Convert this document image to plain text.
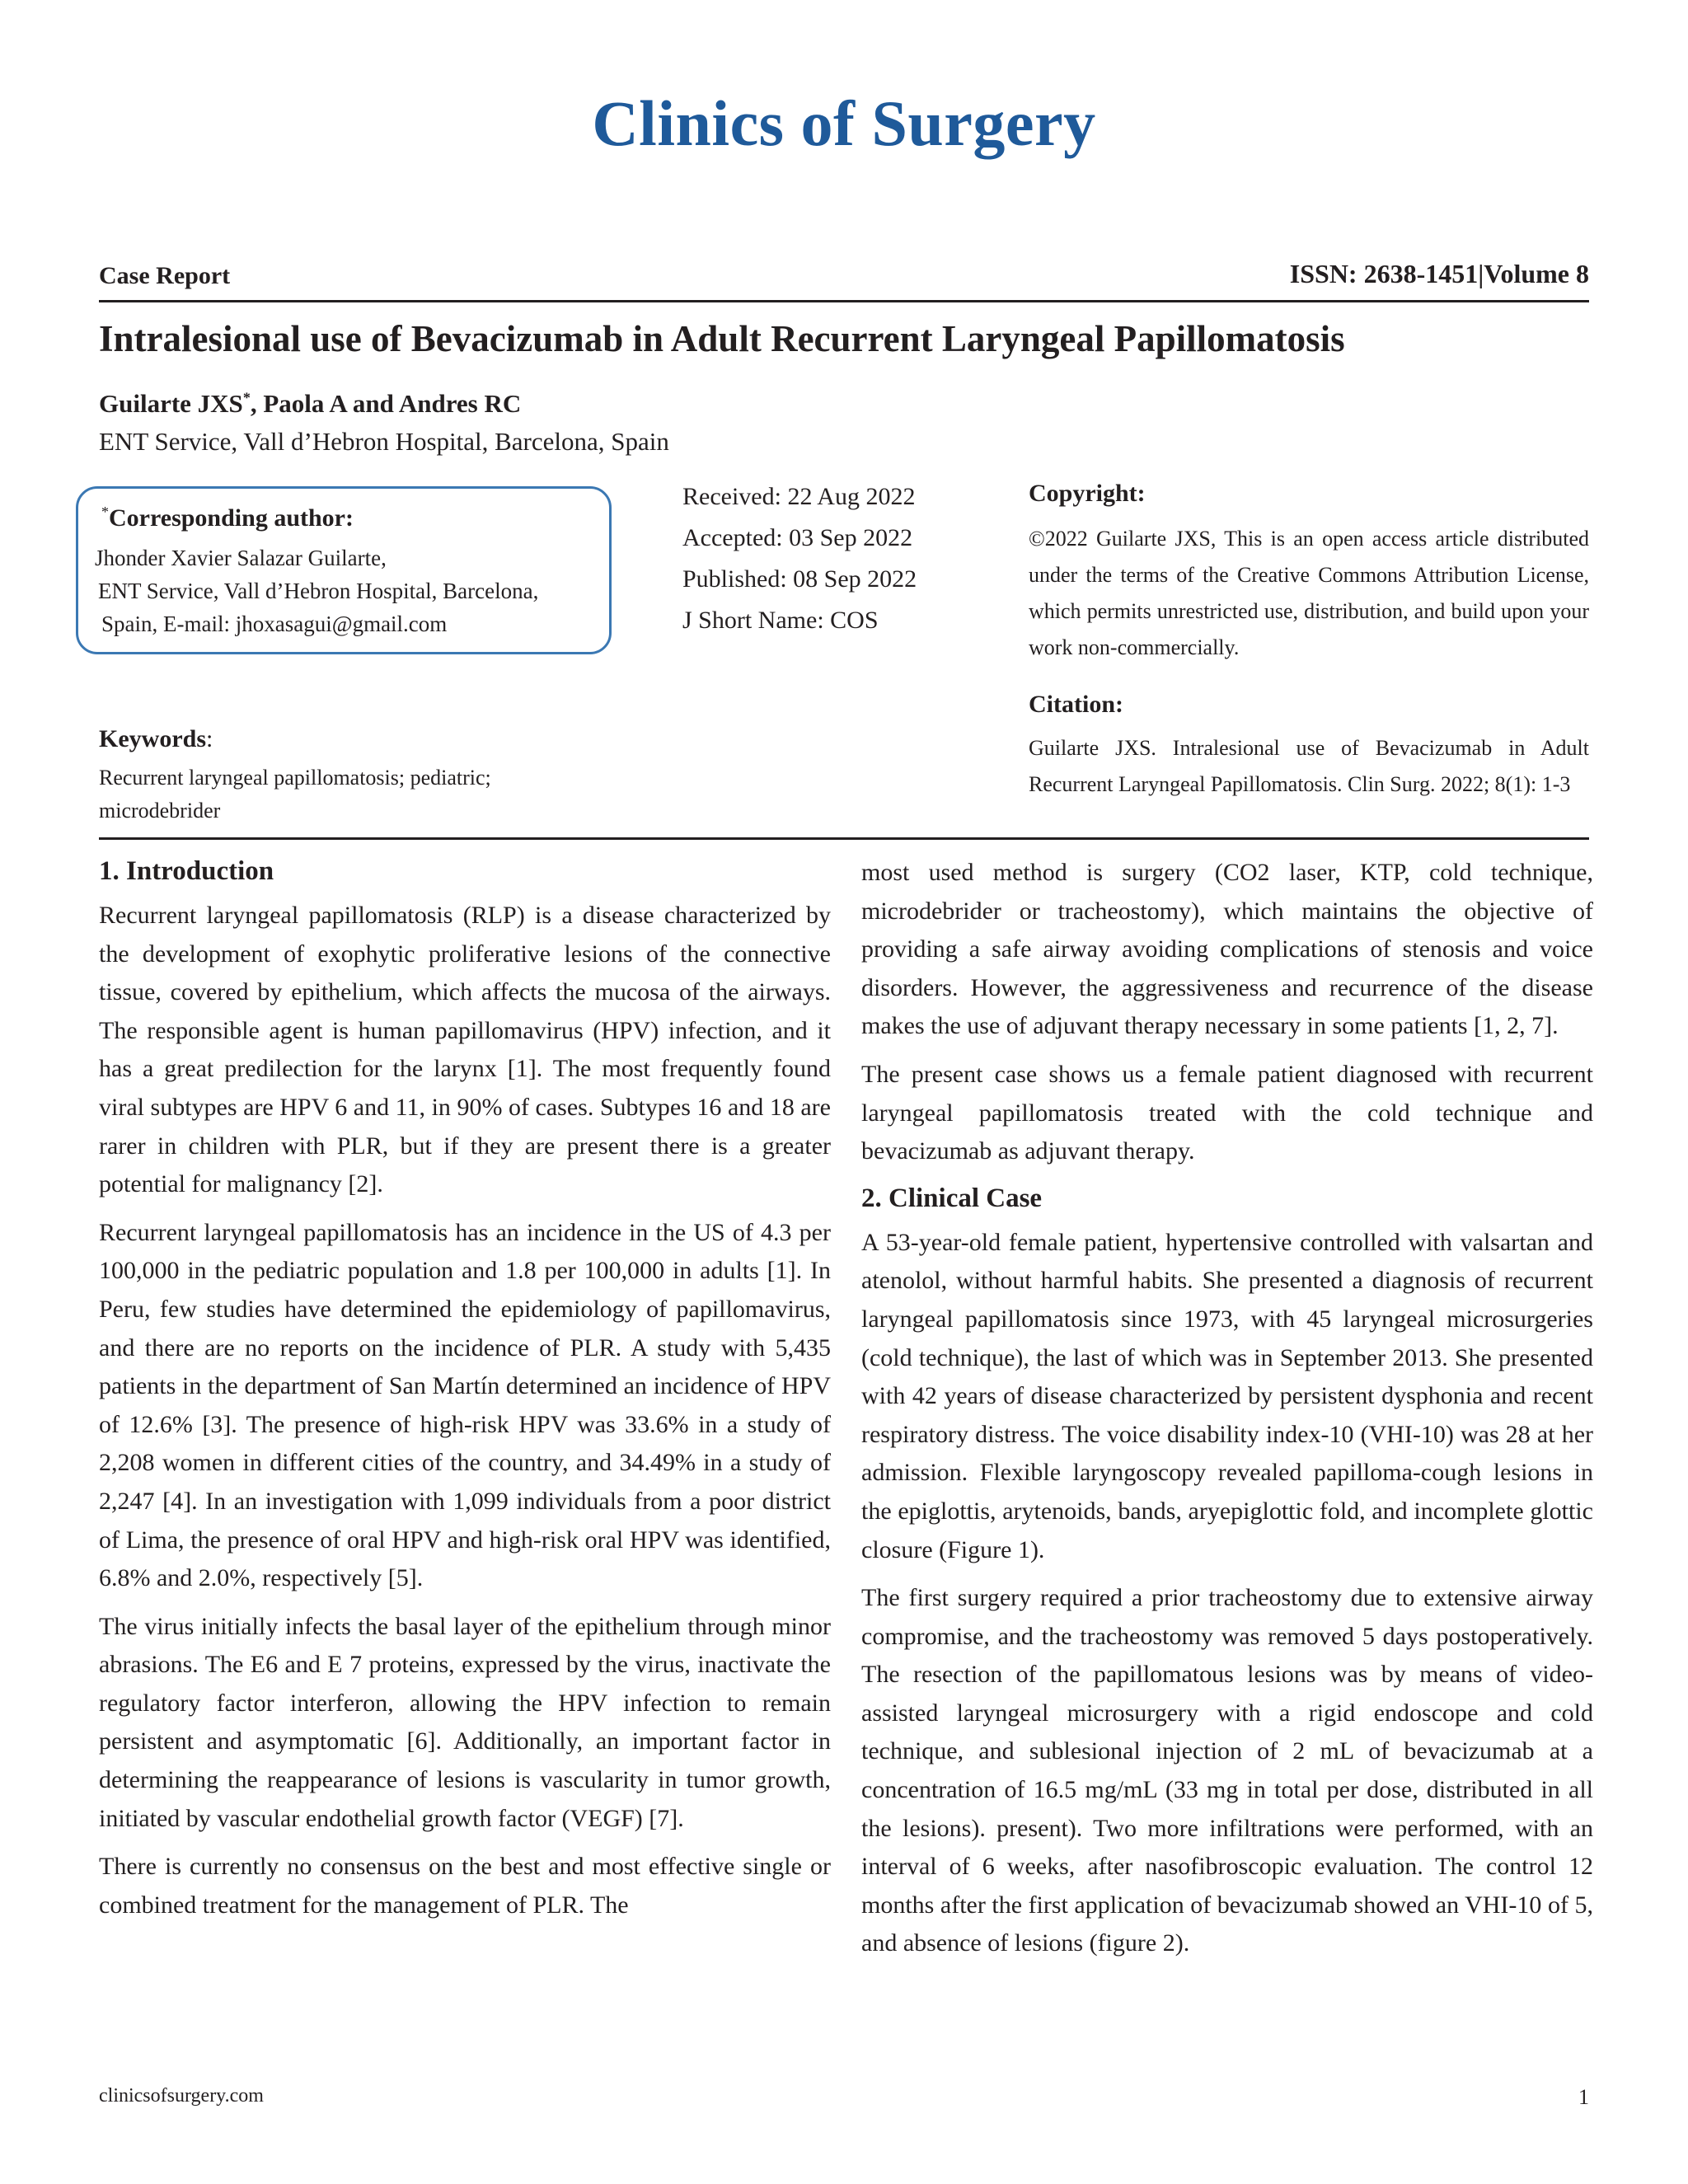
Clinics of Surgery
Case Report	ISSN: 2638-1451|Volume 8
Intralesional use of Bevacizumab in Adult Recurrent Laryngeal Papillomatosis
Guilarte JXS*, Paola A and Andres RC
ENT Service, Vall d’Hebron Hospital, Barcelona, Spain
*Corresponding author:
Jhonder Xavier Salazar Guilarte,
ENT Service, Vall d’Hebron Hospital, Barcelona,
Spain, E-mail: jhoxasagui@gmail.com
Received: 22 Aug 2022
Accepted: 03 Sep 2022
Published: 08 Sep 2022
J Short Name: COS
Copyright:
©2022 Guilarte JXS, This is an open access article distributed under the terms of the Creative Commons Attribution License, which permits unrestricted use, distribution, and build upon your work non-commercially.
Citation:
Guilarte JXS. Intralesional use of Bevacizumab in Adult Recurrent Laryngeal Papillomatosis. Clin Surg. 2022; 8(1): 1-3
Keywords:
Recurrent laryngeal papillomatosis; pediatric; microdebrider
1. Introduction

Recurrent laryngeal papillomatosis (RLP) is a disease characterized by the development of exophytic proliferative lesions of the connective tissue, covered by epithelium, which affects the mucosa of the airways. The responsible agent is human papillomavirus (HPV) infection, and it has a great predilection for the larynx [1]. The most frequently found viral subtypes are HPV 6 and 11, in 90% of cases. Subtypes 16 and 18 are rarer in children with PLR, but if they are present there is a greater potential for malignancy [2].

Recurrent laryngeal papillomatosis has an incidence in the US of 4.3 per 100,000 in the pediatric population and 1.8 per 100,000 in adults [1]. In Peru, few studies have determined the epidemiology of papillomavirus, and there are no reports on the incidence of PLR. A study with 5,435 patients in the department of San Martín determined an incidence of HPV of 12.6% [3]. The presence of high-risk HPV was 33.6% in a study of 2,208 women in different cities of the country, and 34.49% in a study of 2,247 [4]. In an investigation with 1,099 individuals from a poor district of Lima, the presence of oral HPV and high-risk oral HPV was identified, 6.8% and 2.0%, respectively [5].

The virus initially infects the basal layer of the epithelium through minor abrasions. The E6 and E 7 proteins, expressed by the virus, inactivate the regulatory factor interferon, allowing the HPV infection to remain persistent and asymptomatic [6]. Additionally, an important factor in determining the reappearance of lesions is vascularity in tumor growth, initiated by vascular endothelial growth factor (VEGF) [7].

There is currently no consensus on the best and most effective single or combined treatment for the management of PLR. The

most used method is surgery (CO2 laser, KTP, cold technique, microdebrider or tracheostomy), which maintains the objective of providing a safe airway avoiding complications of stenosis and voice disorders. However, the aggressiveness and recurrence of the disease makes the use of adjuvant therapy necessary in some patients [1, 2, 7].

The present case shows us a female patient diagnosed with recurrent laryngeal papillomatosis treated with the cold technique and bevacizumab as adjuvant therapy.

2. Clinical Case

A 53-year-old female patient, hypertensive controlled with valsartan and atenolol, without harmful habits. She presented a diagnosis of recurrent laryngeal papillomatosis since 1973, with 45 laryngeal microsurgeries (cold technique), the last of which was in September 2013. She presented with 42 years of disease characterized by persistent dysphonia and recent respiratory distress. The voice disability index-10 (VHI-10) was 28 at her admission. Flexible laryngoscopy revealed papilloma-cough lesions in the epiglottis, arytenoids, bands, aryepiglottic fold, and incomplete glottic closure (Figure 1).

The first surgery required a prior tracheostomy due to extensive airway compromise, and the tracheostomy was removed 5 days postoperatively. The resection of the papillomatous lesions was by means of video-assisted laryngeal microsurgery with a rigid endoscope and cold technique, and sublesional injection of 2 mL of bevacizumab at a concentration of 16.5 mg/mL (33 mg in total per dose, distributed in all the lesions). present). Two more infiltrations were performed, with an interval of 6 weeks, after nasofibroscopic evaluation. The control 12 months after the first application of bevacizumab showed an VHI-10 of 5, and absence of lesions (figure 2).

clinicsofsurgery.com	1
